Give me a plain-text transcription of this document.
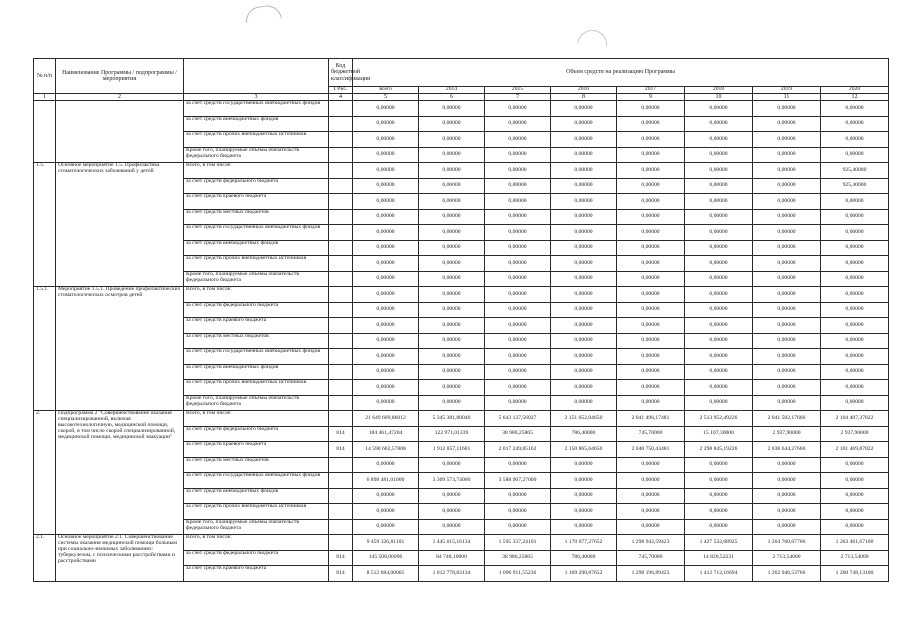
№ п/п	Наименование Программы / подпрограммы / мероприятия		Код бюджетной классификации	Объем средств на реализацию Программы							
			ГРБС	всего	2014	2015	2016	2017	2018	2019	2020
1	2	3	4	5	6	7	8	9	10	11	12
		за счет средств государственных внебюджетных фондов		0,00000	0,00000	0,00000	0,00000	0,00000	0,00000	0,00000	0,00000
		за счет средств внебюджетных фондов		0,00000	0,00000	0,00000	0,00000	0,00000	0,00000	0,00000	0,00000
		за счет средств прочих внебюджетных источников		0,00000	0,00000	0,00000	0,00000	0,00000	0,00000	0,00000	0,00000
		Кроме того, планируемые объемы обязательств федерального бюджета		0,00000	0,00000	0,00000	0,00000	0,00000	0,00000	0,00000	0,00000
1.5.	Основное мероприятие 1.5. Профилактика стоматологических заболеваний у детей	Всего, в том числе:		0,00000	0,00000	0,00000	0,00000	0,00000	0,00000	0,00000	925,40000
		за счет средств федерального бюджета		0,00000	0,00000	0,00000	0,00000	0,00000	0,00000	0,00000	925,40000
		за счет средств краевого бюджета		0,00000	0,00000	0,00000	0,00000	0,00000	0,00000	0,00000	0,00000
		за счет средств местных бюджетов		0,00000	0,00000	0,00000	0,00000	0,00000	0,00000	0,00000	0,00000
		за счет средств государственных внебюджетных фондов		0,00000	0,00000	0,00000	0,00000	0,00000	0,00000	0,00000	0,00000
		за счет средств внебюджетных фондов		0,00000	0,00000	0,00000	0,00000	0,00000	0,00000	0,00000	0,00000
		за счет средств прочих внебюджетных источников		0,00000	0,00000	0,00000	0,00000	0,00000	0,00000	0,00000	0,00000
		Кроме того, планируемые объемы обязательств федерального бюджета		0,00000	0,00000	0,00000	0,00000	0,00000	0,00000	0,00000	0,00000
1.5.1.	Мероприятие 1.5.1. Проведение профилактических стоматологических осмотров детей	Всего, в том числе:		0,00000	0,00000	0,00000	0,00000	0,00000	0,00000	0,00000	0,00000
		за счет средств федерального бюджета		0,00000	0,00000	0,00000	0,00000	0,00000	0,00000	0,00000	0,00000
		за счет средств краевого бюджета		0,00000	0,00000	0,00000	0,00000	0,00000	0,00000	0,00000	0,00000
		за счет средств местных бюджетов		0,00000	0,00000	0,00000	0,00000	0,00000	0,00000	0,00000	0,00000
		за счет средств государственных внебюджетных фондов		0,00000	0,00000	0,00000	0,00000	0,00000	0,00000	0,00000	0,00000
		за счет средств внебюджетных фондов		0,00000	0,00000	0,00000	0,00000	0,00000	0,00000	0,00000	0,00000
		за счет средств прочих внебюджетных источников		0,00000	0,00000	0,00000	0,00000	0,00000	0,00000	0,00000	0,00000
		Кроме того, планируемые объемы обязательств федерального бюджета		0,00000	0,00000	0,00000	0,00000	0,00000	0,00000	0,00000	0,00000
2.	Подпрограмма 2 "Совершенствование оказания специализированной, включая высокотехнологичную, медицинской помощи, скорой, в том числе скорой специализированной, медицинской помощи, медицинской эвакуации"	Всего, в том числе:		21 649 609,86012	5 345 381,80040	5 643 137,56027	2 151 652,04650	2 041 496,17481	2 513 952,49226	2 041 582,17666	2 104 407,37822
		за счет средств федерального бюджета	814	184 461,47204	122 971,01339	30 980,25865	786,40000	745,70000	15 107,30000	2 937,90000	2 937,90000
		за счет средств краевого бюджета	814	14 590 602,57808	1 912 857,11601	2 017 249,85162	2 150 865,64650	2 040 750,43481	2 298 845,19226	2 038 644,27666	2 101 469,87822
		за счет средств местных бюджетов		0,00000	0,00000	0,00000	0,00000	0,00000	0,00000	0,00000	0,00000
		за счет средств государственных внебюджетных фондов		6 898 481,01000	3 309 573,74000	3 588 907,27000	0,00000	0,00000	0,00000	0,00000	0,00000
		за счет средств внебюджетных фондов		0,00000	0,00000	0,00000	0,00000	0,00000	0,00000	0,00000	0,00000
		за счет средств прочих внебюджетных источников		0,00000	0,00000	0,00000	0,00000	0,00000	0,00000	0,00000	0,00000
		Кроме того, планируемые объемы обязательств федерального бюджета		0,00000	0,00000	0,00000	0,00000	0,00000	0,00000	0,00000	0,00000
2.1.	Основное мероприятие 2.1. Совершенствование системы оказания медицинской помощи больным при социально-значимых заболеваниях: туберкулезом, с психическими расстройствами и расстройствами	Всего, в том числе:		9 459 326,81101	1 445 015,16134	1 595 337,24101	1 170 077,27652	1 298 942,59423	1 427 532,68925	1 264 760,07766	1 263 461,67100
		за счет средств федерального бюджета	814	145 508,06096	84 748,10000	38 980,25865	786,40000	745,70000	14 820,52231	2 713,54000	2 713,54000
		за счет средств краевого бюджета	814	8 512 684,00005	1 012 778,83134	1 096 911,55236	1 169 290,87652	1 298 196,89423	1 412 712,16694	1 262 046,53766	1 260 748,13100
